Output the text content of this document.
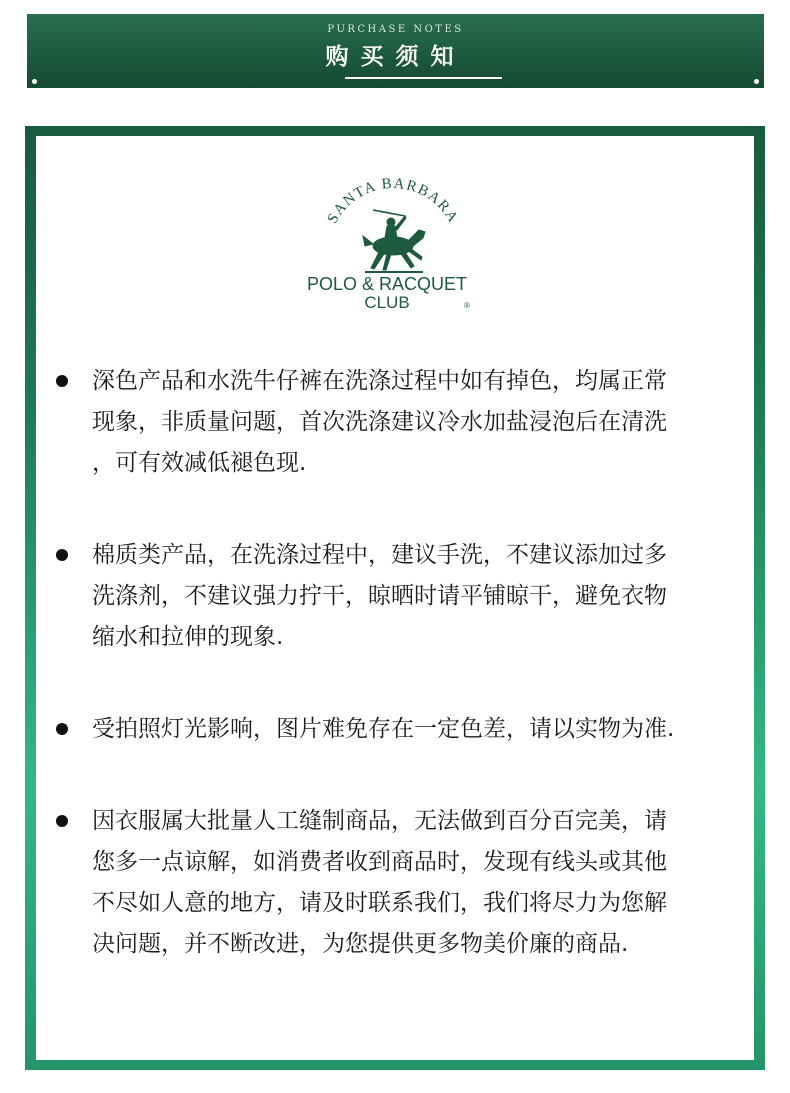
PURCHASE NOTES
购买须知
SANTA BARBARA
POLO & RACQUET
CLUB	®
深色产品和水洗牛仔裤在洗涤过程中如有掉色，均属正常
现象，非质量问题，首次洗涤建议冷水加盐浸泡后在清洗
，可有效减低褪色现.
棉质类产品，在洗涤过程中，建议手洗，不建议添加过多
洗涤剂，不建议强力拧干，晾晒时请平铺晾干，避免衣物
缩水和拉伸的现象.
受拍照灯光影响，图片难免存在一定色差，请以实物为准.
因衣服属大批量人工缝制商品，无法做到百分百完美，请
您多一点谅解，如消费者收到商品时，发现有线头或其他
不尽如人意的地方，请及时联系我们，我们将尽力为您解
决问题，并不断改进，为您提供更多物美价廉的商品.
